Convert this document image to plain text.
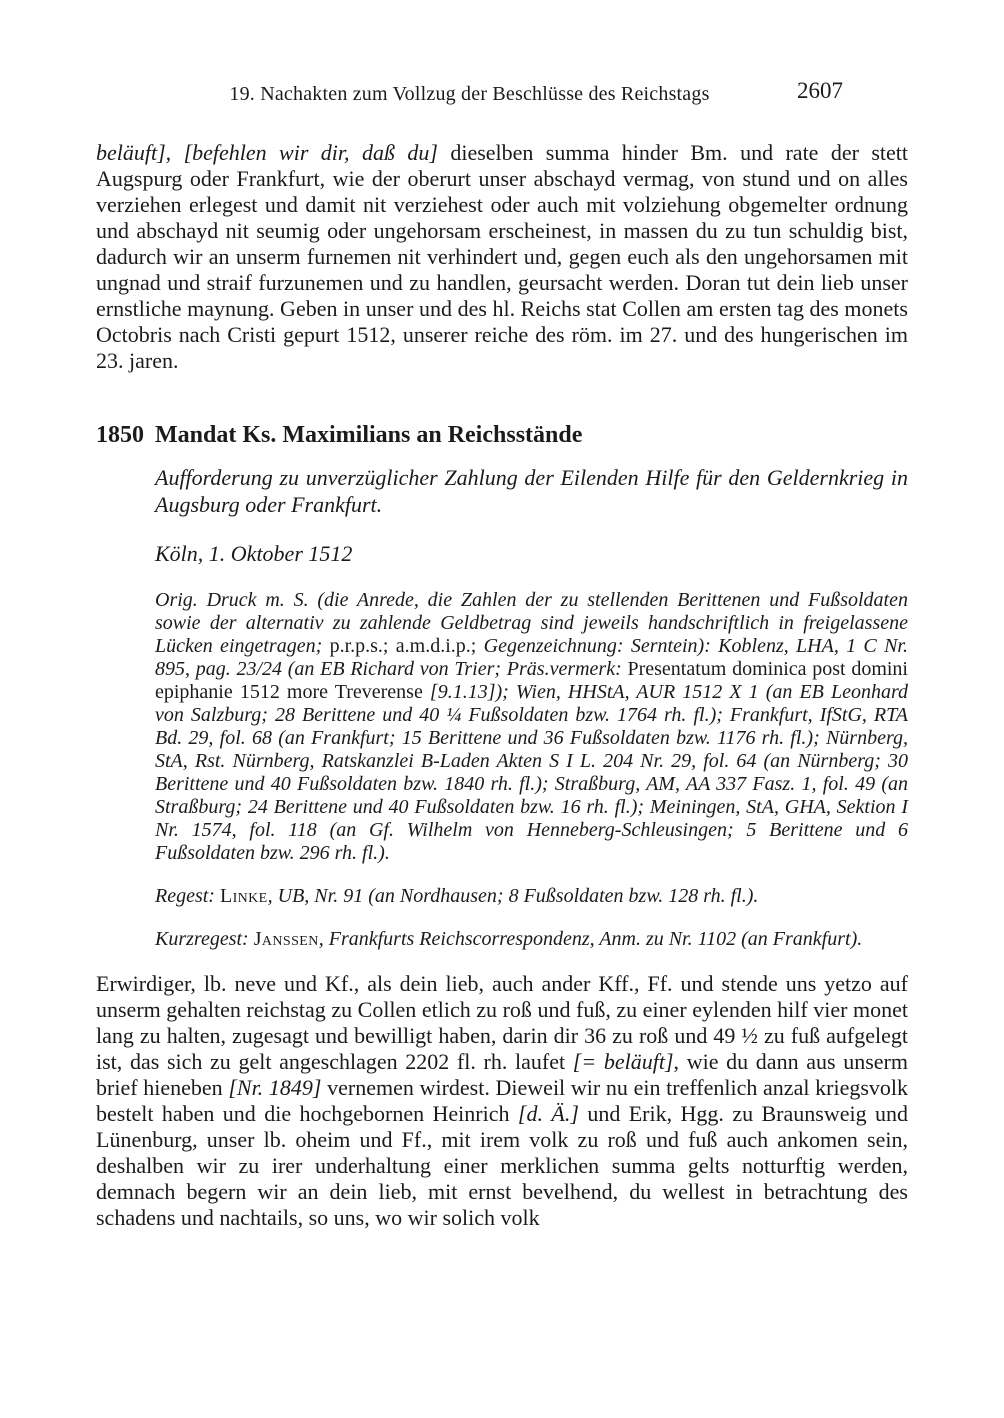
19. Nachakten zum Vollzug der Beschlüsse des Reichstags	2607

beläuft], [befehlen wir dir, daß du] dieselben summa hinder Bm. und rate der stett Augspurg oder Frankfurt, wie der oberurt unser abschayd vermag, von stund und on alles verziehen erlegest und damit nit verziehest oder auch mit volziehung obgemelter ordnung und abschayd nit seumig oder ungehorsam erscheinest, in massen du zu tun schuldig bist, dadurch wir an unserm furnemen nit verhindert und, gegen euch als den ungehorsamen mit ungnad und straif furzunemen und zu handlen, geursacht werden. Doran tut dein lieb unser ernstliche maynung. Geben in unser und des hl. Reichs stat Collen am ersten tag des monets Octobris nach Cristi gepurt 1512, unserer reiche des röm. im 27. und des hungerischen im 23. jaren.

1850 Mandat Ks. Maximilians an Reichsstände

Aufforderung zu unverzüglicher Zahlung der Eilenden Hilfe für den Geldernkrieg in Augsburg oder Frankfurt.

Köln, 1. Oktober 1512

Orig. Druck m. S. (die Anrede, die Zahlen der zu stellenden Berittenen und Fußsoldaten sowie der alternativ zu zahlende Geldbetrag sind jeweils handschriftlich in freigelassene Lücken eingetragen; p.r.p.s.; a.m.d.i.p.; Gegenzeichnung: Serntein): Koblenz, LHA, 1 C Nr. 895, pag. 23/24 (an EB Richard von Trier; Präs.vermerk: Presentatum dominica post domini epiphanie 1512 more Treverense [9.1.13]); Wien, HHStA, AUR 1512 X 1 (an EB Leonhard von Salzburg; 28 Berittene und 40 ¼ Fußsoldaten bzw. 1764 rh. fl.); Frankfurt, IfStG, RTA Bd. 29, fol. 68 (an Frankfurt; 15 Berittene und 36 Fußsoldaten bzw. 1176 rh. fl.); Nürnberg, StA, Rst. Nürnberg, Ratskanzlei B-Laden Akten S I L. 204 Nr. 29, fol. 64 (an Nürnberg; 30 Berittene und 40 Fußsoldaten bzw. 1840 rh. fl.); Straßburg, AM, AA 337 Fasz. 1, fol. 49 (an Straßburg; 24 Berittene und 40 Fußsoldaten bzw. 16 rh. fl.); Meiningen, StA, GHA, Sektion I Nr. 1574, fol. 118 (an Gf. Wilhelm von Henneberg-Schleusingen; 5 Berittene und 6 Fußsoldaten bzw. 296 rh. fl.).

Regest: Linke, UB, Nr. 91 (an Nordhausen; 8 Fußsoldaten bzw. 128 rh. fl.).

Kurzregest: Janssen, Frankfurts Reichscorrespondenz, Anm. zu Nr. 1102 (an Frankfurt).

Erwirdiger, lb. neve und Kf., als dein lieb, auch ander Kff., Ff. und stende uns yetzo auf unserm gehalten reichstag zu Collen etlich zu roß und fuß, zu einer eylenden hilf vier monet lang zu halten, zugesagt und bewilligt haben, darin dir 36 zu roß und 49 ½ zu fuß aufgelegt ist, das sich zu gelt angeschlagen 2202 fl. rh. laufet [= beläuft], wie du dann aus unserm brief hieneben [Nr. 1849] vernemen wirdest. Dieweil wir nu ein treffenlich anzal kriegsvolk bestelt haben und die hochgebornen Heinrich [d. Ä.] und Erik, Hgg. zu Braunsweig und Lünenburg, unser lb. oheim und Ff., mit irem volk zu roß und fuß auch ankomen sein, deshalben wir zu irer underhaltung einer merklichen summa gelts notturftig werden, demnach begern wir an dein lieb, mit ernst bevelhend, du wellest in betrachtung des schadens und nachtails, so uns, wo wir solich volk
